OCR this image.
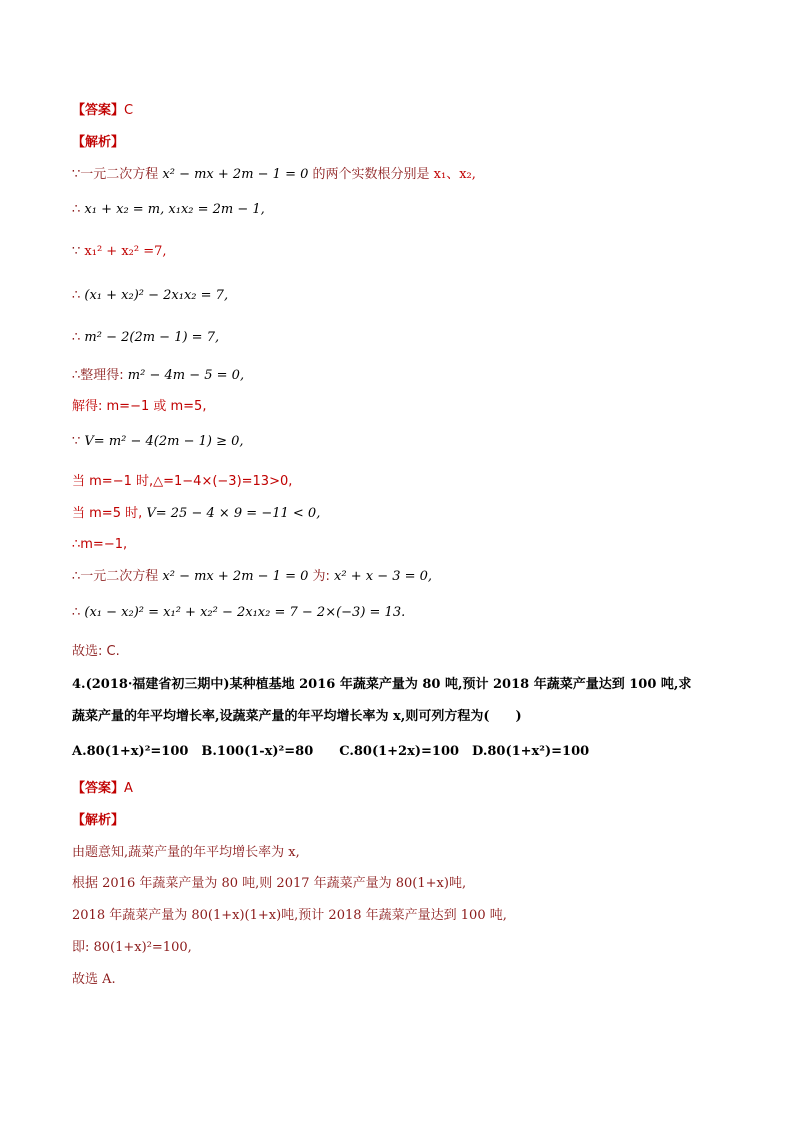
【答案】C
【解析】
∵一元二次方程 x² − mx + 2m − 1 = 0 的两个实数根分别是 x₁、x₂,
∴ x₁ + x₂ = m, x₁x₂ = 2m − 1,
∵ x₁² + x₂² =7,
∴ (x₁ + x₂)² − 2x₁x₂ = 7,
∴ m² − 2(2m − 1) = 7,
∴整理得: m² − 4m − 5 = 0,
解得: m=−1 或 m=5,
∵ V= m² − 4(2m − 1) ≥ 0,
当 m=−1 时,△=1−4×(−3)=13>0,
当 m=5 时, V= 25 − 4 × 9 = −11 < 0,
∴m=−1,
∴一元二次方程 x² − mx + 2m − 1 = 0 为: x² + x − 3 = 0,
∴ (x₁ − x₂)² = x₁² + x₂² − 2x₁x₂ = 7 − 2×(−3) = 13.
故选: C.
4.(2018·福建省初三期中)某种植基地 2016 年蔬菜产量为 80 吨,预计 2018 年蔬菜产量达到 100 吨,求
蔬菜产量的年平均增长率,设蔬菜产量的年平均增长率为 x,则可列方程为(　　)
A.80(1+x)²=100　B.100(1-x)²=80　　C.80(1+2x)=100　D.80(1+x²)=100
【答案】A
【解析】
由题意知,蔬菜产量的年平均增长率为 x,
根据 2016 年蔬菜产量为 80 吨,则 2017 年蔬菜产量为 80(1+x)吨,
2018 年蔬菜产量为 80(1+x)(1+x)吨,预计 2018 年蔬菜产量达到 100 吨,
即: 80(1+x)²=100,
故选 A.
